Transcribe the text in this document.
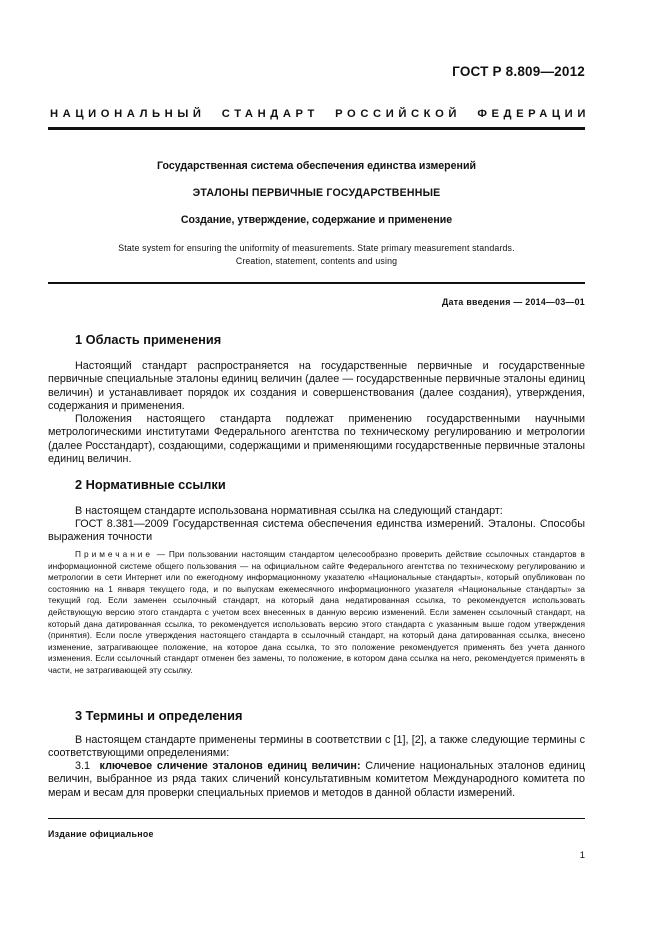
ГОСТ Р 8.809—2012
НАЦИОНАЛЬНЫЙ СТАНДАРТ РОССИЙСКОЙ ФЕДЕРАЦИИ
Государственная система обеспечения единства измерений
ЭТАЛОНЫ ПЕРВИЧНЫЕ ГОСУДАРСТВЕННЫЕ
Создание, утверждение, содержание и применение
State system for ensuring the uniformity of measurements. State primary measurement standards.
Creation, statement, contents and using
Дата введения — 2014—03—01
1 Область применения

Настоящий стандарт распространяется на государственные первичные и государственные первичные специальные эталоны единиц величин (далее — государственные первичные эталоны единиц величин) и устанавливает порядок их создания и совершенствования (далее создания), утверждения, содержания и применения.

Положения настоящего стандарта подлежат применению государственными научными метрологическими институтами Федерального агентства по техническому регулированию и метрологии (далее Росстандарт), создающими, содержащими и применяющими государственные первичные эталоны единиц величин.

2 Нормативные ссылки

В настоящем стандарте использована нормативная ссылка на следующий стандарт:

ГОСТ 8.381—2009 Государственная система обеспечения единства измерений. Эталоны. Способы выражения точности

Примечание — При пользовании настоящим стандартом целесообразно проверить действие ссылочных стандартов в информационной системе общего пользования — на официальном сайте Федерального агентства по техническому регулированию и метрологии в сети Интернет или по ежегодному информационному указателю «Национальные стандарты», который опубликован по состоянию на 1 января текущего года, и по выпускам ежемесячного информационного указателя «Национальные стандарты» за текущий год. Если заменен ссылочный стандарт, на который дана недатированная ссылка, то рекомендуется использовать действующую версию этого стандарта с учетом всех внесенных в данную версию изменений. Если заменен ссылочный стандарт, на который дана датированная ссылка, то рекомендуется использовать версию этого стандарта с указанным выше годом утверждения (принятия). Если после утверждения настоящего стандарта в ссылочный стандарт, на который дана датированная ссылка, внесено изменение, затрагивающее положение, на которое дана ссылка, то это положение рекомендуется применять без учета данного изменения. Если ссылочный стандарт отменен без замены, то положение, в котором дана ссылка на него, рекомендуется применять в части, не затрагивающей эту ссылку.

3 Термины и определения

В настоящем стандарте применены термины в соответствии с [1], [2], а также следующие термины с соответствующими определениями:

3.1 ключевое сличение эталонов единиц величин: Сличение национальных эталонов единиц величин, выбранное из ряда таких сличений консультативным комитетом Международного комитета по мерам и весам для проверки специальных приемов и методов в данной области измерений.

Издание официальное
1
